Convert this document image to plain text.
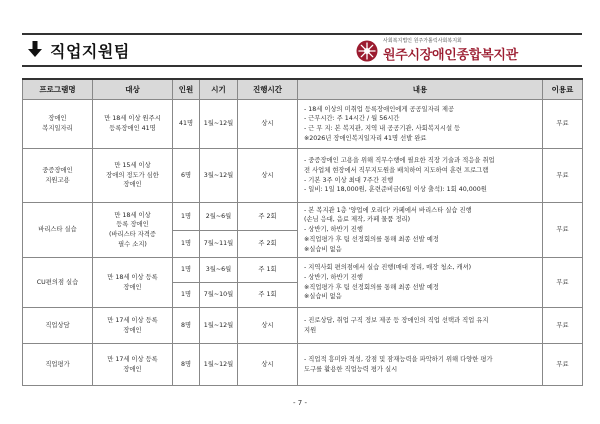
직업지원팀
사회복지법인 원주가톨릭사회복지회
원주시장애인종합복지관
프로그램명	대상	인원	시기	진행시간	내용	이용료

장애인
복지일자리	만 18세 이상 원주시
등록장애인 41명	41명	1월~12월	상시	- 18세 이상의 미취업 등록장애인에게 공공일자리 제공
- 근무시간: 주 14시간 / 월 56시간
- 근 무 지: 본 복지관, 지역 내 공공기관, 사회복지시설 등
※2026년 장애인복지일자리 41명 선발 완료	무료

중증장애인
지원고용	만 15세 이상
장애의 정도가 심한
장애인	6명	3월~12월	상시	- 중증장애인 고용을 위해 직무수행에 필요한 직장 기술과 적응을 취업
전 사업체 현장에서 직무지도원을 배치하여 지도하여 훈련 프로그램
- 기본 3주 이상 최대 7주간 진행
- 일비: 1일 18,000원, 훈련준비금(6일 이상 출석): 1회 40,000원	무료
바리스타 실습	만 18세 이상
등록 장애인
(바리스타 자격증
필수 소지)	1명	2월~6월	주 2회	- 본 복지관 1층 '양업에 오리다' 카페에서 바리스타 실습 진행
(손님 응대, 음료 제작, 카페 물품 정리)
- 상반기, 하반기 진행
※직업평가 후 팀 선정회의를 통해 최종 선발 예정
※실습비 없음	무료
		1명	7월~11월	주 2회		
CU편의점 실습	만 18세 이상 등록
장애인	1명	3월~6월	주 1회	- 지역사회 편의점에서 실습 진행(매대 정리, 매장 청소, 캐셔)
- 상반기, 하반기 진행
※직업평가 후 팀 선정회의를 통해 최종 선발 예정
※실습비 없음	무료
		1명	7월~10월	주 1회		
직업상담	만 17세 이상 등록
장애인	8명	1월~12월	상시	- 진로상담, 취업 구직 정보 제공 등 장애인의 직업 선택과 직업 유지
지원	무료
직업평가	만 17세 이상 등록
장애인	8명	1월~12월	상시	- 직업적 흥미와 적성, 강점 및 잠재능력을 파악하기 위해 다양한 평가
도구를 활용한 직업능력 평가 실시	무료
- 7 -
